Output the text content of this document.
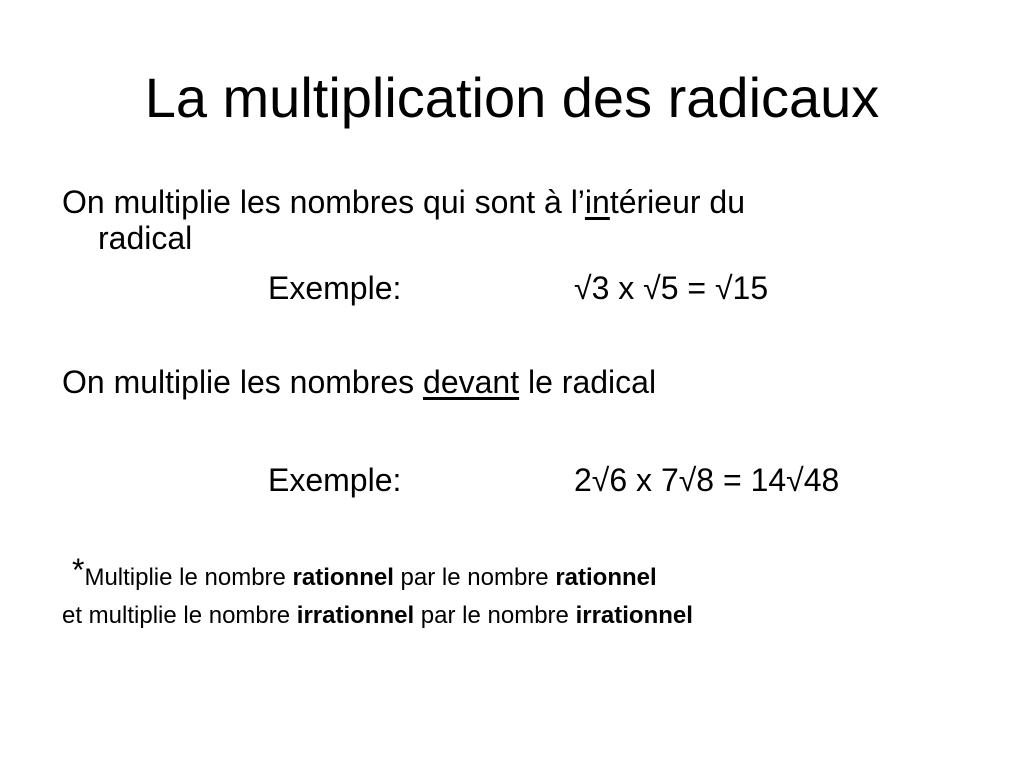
La multiplication des radicaux
On multiplie les nombres qui sont à l’intérieur du
radical
Exemple:	√3 x √5 = √15
On multiplie les nombres devant le radical
Exemple:	2√6 x 7√8 = 14√48
*Multiplie le nombre rationnel par le nombre rationnel
et multiplie le nombre irrationnel par le nombre irrationnel
